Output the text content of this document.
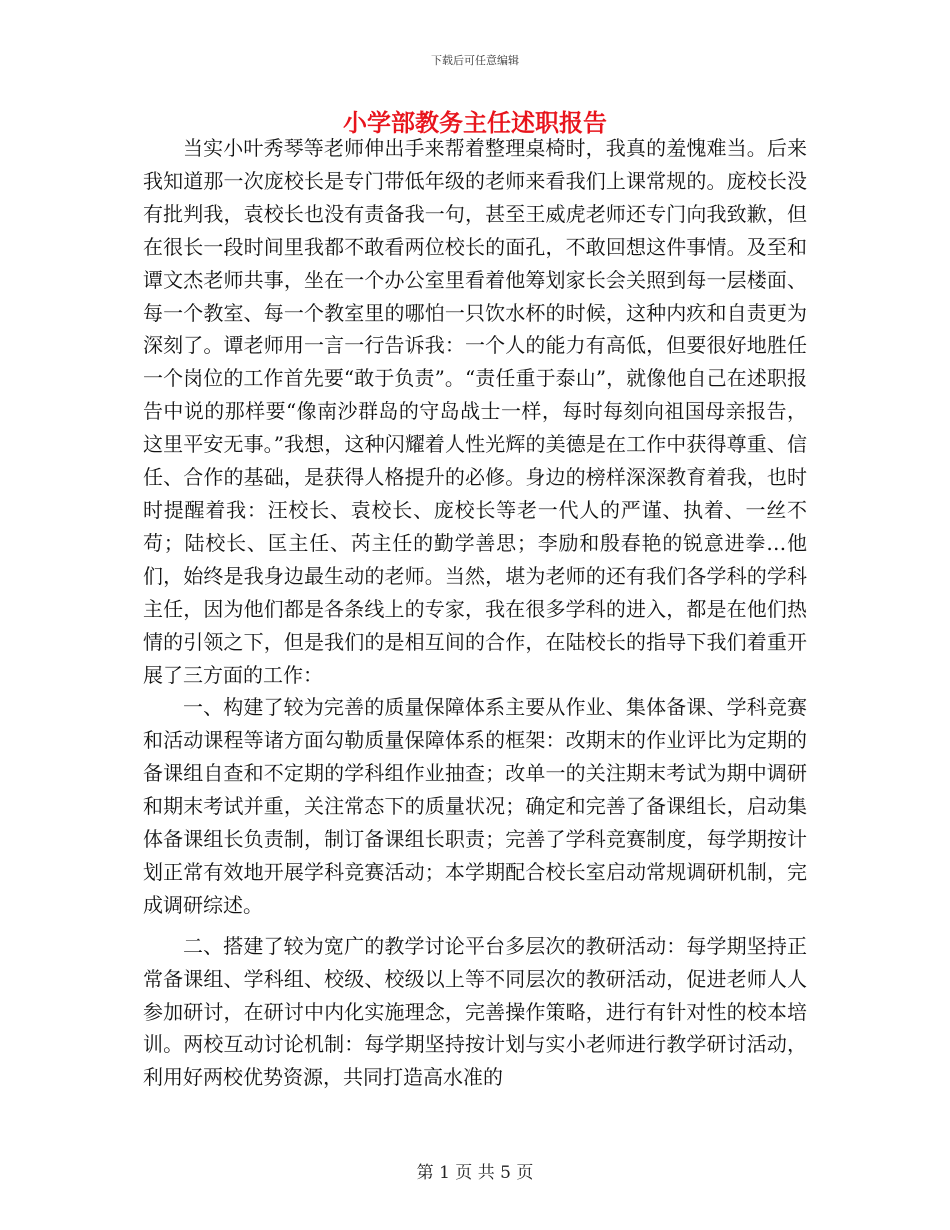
下载后可任意编辑
小学部教务主任述职报告

当实小叶秀琴等老师伸出手来帮着整理桌椅时，我真的羞愧难当。后来我知道那一次庞校长是专门带低年级的老师来看我们上课常规的。庞校长没有批判我，袁校长也没有责备我一句，甚至王威虎老师还专门向我致歉，但在很长一段时间里我都不敢看两位校长的面孔，不敢回想这件事情。及至和谭文杰老师共事，坐在一个办公室里看着他筹划家长会关照到每一层楼面、每一个教室、每一个教室里的哪怕一只饮水杯的时候，这种内疚和自责更为深刻了。谭老师用一言一行告诉我：一个人的能力有高低，但要很好地胜任一个岗位的工作首先要“敢于负责”。“责任重于泰山”，就像他自己在述职报告中说的那样要“像南沙群岛的守岛战士一样，每时每刻向祖国母亲报告，这里平安无事。”我想，这种闪耀着人性光辉的美德是在工作中获得尊重、信任、合作的基础，是获得人格提升的必修。身边的榜样深深教育着我，也时时提醒着我：汪校长、袁校长、庞校长等老一代人的严谨、执着、一丝不苟；陆校长、匡主任、芮主任的勤学善思；李励和殷春艳的锐意进拳…他们，始终是我身边最生动的老师。当然，堪为老师的还有我们各学科的学科主任，因为他们都是各条线上的专家，我在很多学科的进入，都是在他们热情的引领之下，但是我们的是相互间的合作，在陆校长的指导下我们着重开展了三方面的工作：

一、构建了较为完善的质量保障体系主要从作业、集体备课、学科竞赛和活动课程等诸方面勾勒质量保障体系的框架：改期末的作业评比为定期的备课组自查和不定期的学科组作业抽查；改单一的关注期末考试为期中调研和期末考试并重，关注常态下的质量状况；确定和完善了备课组长，启动集体备课组长负责制，制订备课组长职责；完善了学科竞赛制度，每学期按计划正常有效地开展学科竞赛活动；本学期配合校长室启动常规调研机制，完成调研综述。

二、搭建了较为宽广的教学讨论平台多层次的教研活动：每学期坚持正常备课组、学科组、校级、校级以上等不同层次的教研活动，促进老师人人参加研讨，在研讨中内化实施理念，完善操作策略，进行有针对性的校本培训。两校互动讨论机制：每学期坚持按计划与实小老师进行教学研讨活动，利用好两校优势资源，共同打造高水准的

第 1 页 共 5 页
